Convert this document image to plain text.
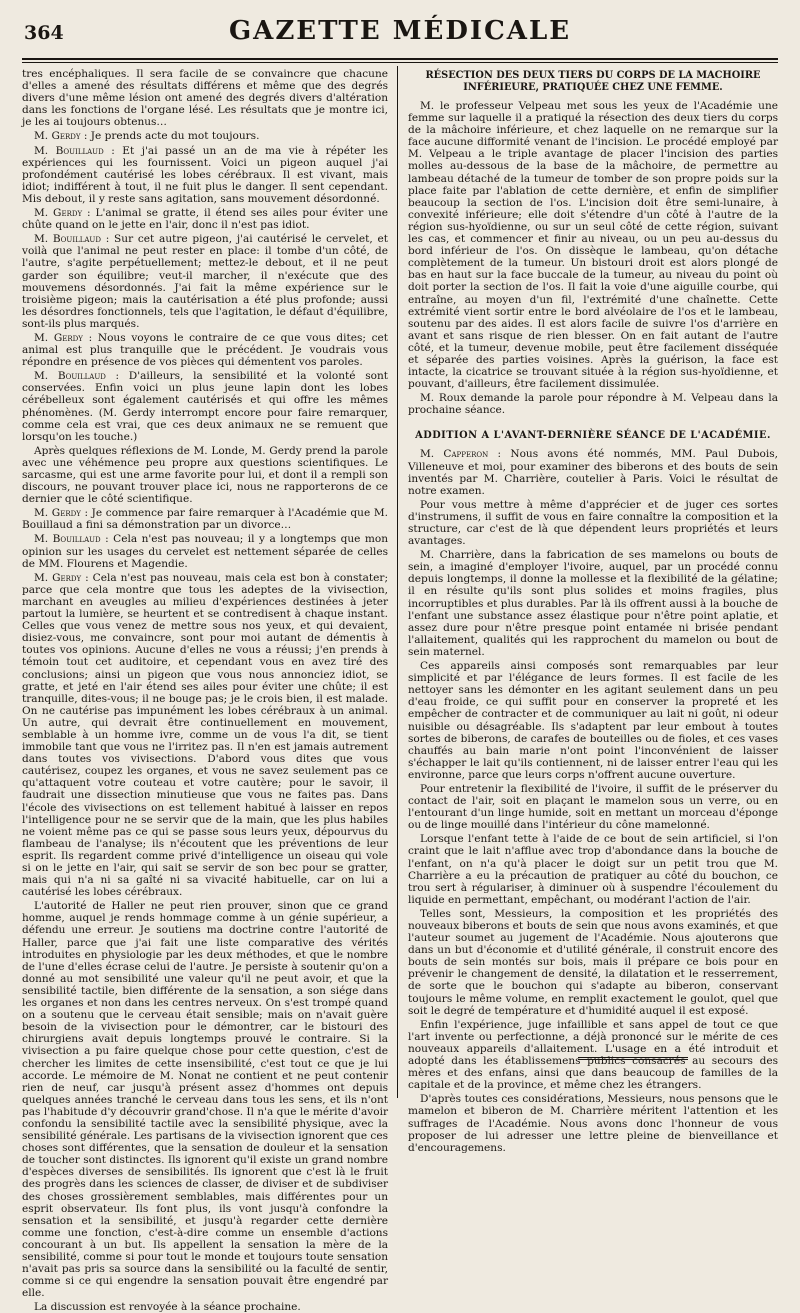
364	GAZETTE MÉDICALE

tres encéphaliques. Il sera facile de se convaincre que chacune d'elles a amené des résultats différens et même que des degrés divers d'une même lésion ont amené des degrés divers d'altération dans les fonctions de l'organe lésé. Les résultats que je montre ici, je les ai toujours obtenus…

M. Gerdy : Je prends acte du mot toujours.

M. Bouillaud : Et j'ai passé un an de ma vie à répéter les expériences qui les fournissent. Voici un pigeon auquel j'ai profondément cautérisé les lobes cérébraux. Il est vivant, mais idiot; indifférent à tout, il ne fuit plus le danger. Il sent cependant. Mis debout, il y reste sans agitation, sans mouvement désordonné.

M. Gerdy : L'animal se gratte, il étend ses ailes pour éviter une chûte quand on le jette en l'air, donc il n'est pas idiot.

M. Bouillaud : Sur cet autre pigeon, j'ai cautérisé le cervelet, et voilà que l'animal ne peut rester en place: il tombe d'un côté, de l'autre, s'agite perpétuellement; mettez-le debout, et il ne peut garder son équilibre; veut-il marcher, il n'exécute que des mouvemens désordonnés. J'ai fait la même expérience sur le troisième pigeon; mais la cautérisation a été plus profonde; aussi les désordres fonctionnels, tels que l'agitation, le défaut d'équilibre, sont-ils plus marqués.

M. Gerdy : Nous voyons le contraire de ce que vous dites; cet animal est plus tranquille que le précédent. Je voudrais vous répondre en présence de vos pièces qui démentent vos paroles.

M. Bouillaud : D'ailleurs, la sensibilité et la volonté sont conservées. Enfin voici un plus jeune lapin dont les lobes cérébelleux sont également cautérisés et qui offre les mêmes phénomènes. (M. Gerdy interrompt encore pour faire remarquer, comme cela est vrai, que ces deux animaux ne se remuent que lorsqu'on les touche.)

Après quelques réflexions de M. Londe, M. Gerdy prend la parole avec une véhémence peu propre aux questions scientifiques. Le sarcasme, qui est une arme favorite pour lui, et dont il a rempli son discours, ne pouvant trouver place ici, nous ne rapporterons de ce dernier que le côté scientifique.

M. Gerdy : Je commence par faire remarquer à l'Académie que M. Bouillaud a fini sa démonstration par un divorce…

M. Bouillaud : Cela n'est pas nouveau; il y a longtemps que mon opinion sur les usages du cervelet est nettement séparée de celles de MM. Flourens et Magendie.

M. Gerdy : Cela n'est pas nouveau, mais cela est bon à constater; parce que cela montre que tous les adeptes de la vivisection, marchant en aveugles au milieu d'expériences destinées à jeter partout la lumière, se heurtent et se contredisent à chaque instant. Celles que vous venez de mettre sous nos yeux, et qui devaient, disiez-vous, me convaincre, sont pour moi autant de démentis à toutes vos opinions. Aucune d'elles ne vous a réussi; j'en prends à témoin tout cet auditoire, et cependant vous en avez tiré des conclusions; ainsi un pigeon que vous nous annonciez idiot, se gratte, et jeté en l'air étend ses ailes pour éviter une chûte; il est tranquille, dites-vous; il ne bouge pas; je le crois bien, il est malade. On ne cautérise pas impunément les lobes cérébraux à un animal. Un autre, qui devrait être continuellement en mouvement, semblable à un homme ivre, comme un de vous l'a dit, se tient immobile tant que vous ne l'irritez pas. Il n'en est jamais autrement dans toutes vos vivisections. D'abord vous dites que vous cautérisez, coupez les organes, et vous ne savez seulement pas ce qu'attaquent votre couteau et votre cautère; pour le savoir, il faudrait une dissection minutieuse que vous ne faites pas. Dans l'école des vivisections on est tellement habitué à laisser en repos l'intelligence pour ne se servir que de la main, que les plus habiles ne voient même pas ce qui se passe sous leurs yeux, dépourvus du flambeau de l'analyse; ils n'écoutent que les préventions de leur esprit. Ils regardent comme privé d'intelligence un oiseau qui vole si on le jette en l'air, qui sait se servir de son bec pour se gratter, mais qui n'a ni sa gaîté ni sa vivacité habituelle, car on lui a cautérisé les lobes cérébraux.

L'autorité de Haller ne peut rien prouver, sinon que ce grand homme, auquel je rends hommage comme à un génie supérieur, a défendu une erreur. Je soutiens ma doctrine contre l'autorité de Haller, parce que j'ai fait une liste comparative des vérités introduites en physiologie par les deux méthodes, et que le nombre de l'une d'elles écrase celui de l'autre. Je persiste à soutenir qu'on a donné au mot sensibilité une valeur qu'il ne peut avoir, et que la sensibilité tactile, bien différente de la sensation, a son siége dans les organes et non dans les centres nerveux. On s'est trompé quand on a soutenu que le cerveau était sensible; mais on n'avait guère besoin de la vivisection pour le démontrer, car le bistouri des chirurgiens avait depuis longtemps prouvé le contraire. Si la vivisection a pu faire quelque chose pour cette question, c'est de chercher les limites de cette insensibilité, c'est tout ce que je lui accorde. Le mémoire de M. Nonat ne contient et ne peut contenir rien de neuf, car jusqu'à présent assez d'hommes ont depuis quelques années tranché le cerveau dans tous les sens, et ils n'ont pas l'habitude d'y découvrir grand'chose. Il n'a que le mérite d'avoir confondu la sensibilité tactile avec la sensibilité physique, avec la sensibilité générale. Les partisans de la vivisection ignorent que ces choses sont différentes, que la sensation de douleur et la sensation de toucher sont distinctes. Ils ignorent qu'il existe un grand nombre d'espèces diverses de sensibilités. Ils ignorent que c'est là le fruit des progrès dans les sciences de classer, de diviser et de subdiviser des choses grossièrement semblables, mais différentes pour un esprit observateur. Ils font plus, ils vont jusqu'à confondre la sensation et la sensibilité, et jusqu'à regarder cette dernière comme une fonction, c'est-à-dire comme un ensemble d'actions concourant à un but. Ils appellent la sensation la mère de la sensibilité, comme si pour tout le monde et toujours toute sensation n'avait pas pris sa source dans la sensibilité ou la faculté de sentir, comme si ce qui engendre la sensation pouvait être engendré par elle.

La discussion est renvoyée à la séance prochaine.

RÉSECTION DES DEUX TIERS DU CORPS DE LA MACHOIRE INFÉRIEURE, PRATIQUÉE CHEZ UNE FEMME.

M. le professeur Velpeau met sous les yeux de l'Académie une femme sur laquelle il a pratiqué la résection des deux tiers du corps de la mâchoire inférieure, et chez laquelle on ne remarque sur la face aucune difformité venant de l'incision. Le procédé employé par M. Velpeau a le triple avantage de placer l'incision des parties molles au-dessous de la base de la mâchoire, de permettre au lambeau détaché de la tumeur de tomber de son propre poids sur la place faite par l'ablation de cette dernière, et enfin de simplifier beaucoup la section de l'os. L'incision doit être semi-lunaire, à convexité inférieure; elle doit s'étendre d'un côté à l'autre de la région sus-hyoïdienne, ou sur un seul côté de cette région, suivant les cas, et commencer et finir au niveau, ou un peu au-dessus du bord inférieur de l'os. On dissèque le lambeau, qu'on détache complètement de la tumeur. Un bistouri droit est alors plongé de bas en haut sur la face buccale de la tumeur, au niveau du point où doit porter la section de l'os. Il fait la voie d'une aiguille courbe, qui entraîne, au moyen d'un fil, l'extrémité d'une chaînette. Cette extrémité vient sortir entre le bord alvéolaire de l'os et le lambeau, soutenu par des aides. Il est alors facile de suivre l'os d'arrière en avant et sans risque de rien blesser. On en fait autant de l'autre côté, et la tumeur, devenue mobile, peut être facilement disséquée et séparée des parties voisines. Après la guérison, la face est intacte, la cicatrice se trouvant située à la région sus-hyoïdienne, et pouvant, d'ailleurs, être facilement dissimulée.

M. Roux demande la parole pour répondre à M. Velpeau dans la prochaine séance.

ADDITION A L'AVANT-DERNIÈRE SÉANCE DE L'ACADÉMIE.

M. Capperon : Nous avons été nommés, MM. Paul Dubois, Villeneuve et moi, pour examiner des biberons et des bouts de sein inventés par M. Charrière, coutelier à Paris. Voici le résultat de notre examen.

Pour vous mettre à même d'apprécier et de juger ces sortes d'instrumens, il suffit de vous en faire connaître la composition et la structure, car c'est de là que dépendent leurs propriétés et leurs avantages.

M. Charrière, dans la fabrication de ses mamelons ou bouts de sein, a imaginé d'employer l'ivoire, auquel, par un procédé connu depuis longtemps, il donne la mollesse et la flexibilité de la gélatine; il en résulte qu'ils sont plus solides et moins fragiles, plus incorruptibles et plus durables. Par là ils offrent aussi à la bouche de l'enfant une substance assez élastique pour n'être point aplatie, et assez dure pour n'être presque point entamée ni brisée pendant l'allaitement, qualités qui les rapprochent du mamelon ou bout de sein maternel.

Ces appareils ainsi composés sont remarquables par leur simplicité et par l'élégance de leurs formes. Il est facile de les nettoyer sans les démonter en les agitant seulement dans un peu d'eau froide, ce qui suffit pour en conserver la propreté et les empêcher de contracter et de communiquer au lait ni goût, ni odeur nuisible ou désagréable. Ils s'adaptent par leur embout à toutes sortes de biberons, de carafes de bouteilles ou de fioles, et ces vases chauffés au bain marie n'ont point l'inconvénient de laisser s'échapper le lait qu'ils contiennent, ni de laisser entrer l'eau qui les environne, parce que leurs corps n'offrent aucune ouverture.

Pour entretenir la flexibilité de l'ivoire, il suffit de le préserver du contact de l'air, soit en plaçant le mamelon sous un verre, ou en l'entourant d'un linge humide, soit en mettant un morceau d'éponge ou de linge mouillé dans l'intérieur du cône mamelonné.

Lorsque l'enfant tette à l'aide de ce bout de sein artificiel, si l'on craint que le lait n'afflue avec trop d'abondance dans la bouche de l'enfant, on n'a qu'à placer le doigt sur un petit trou que M. Charrière a eu la précaution de pratiquer au côté du bouchon, ce trou sert à régulariser, à diminuer où à suspendre l'écoulement du liquide en permettant, empêchant, ou modérant l'action de l'air.

Telles sont, Messieurs, la composition et les propriétés des nouveaux biberons et bouts de sein que nous avons examinés, et que l'auteur soumet au jugement de l'Académie. Nous ajouterons que dans un but d'économie et d'utilité générale, il construit encore des bouts de sein montés sur bois, mais il prépare ce bois pour en prévenir le changement de densité, la dilatation et le resserrement, de sorte que le bouchon qui s'adapte au biberon, conservant toujours le même volume, en remplit exactement le goulot, quel que soit le degré de température et d'humidité auquel il est exposé.

Enfin l'expérience, juge infaillible et sans appel de tout ce que l'art invente ou perfectionne, a déjà prononcé sur le mérite de ces nouveaux appareils d'allaitement. L'usage en a été introduit et adopté dans les établissemens publics consacrés au secours des mères et des enfans, ainsi que dans beaucoup de familles de la capitale et de la province, et même chez les étrangers.

D'après toutes ces considérations, Messieurs, nous pensons que le mamelon et biberon de M. Charrière méritent l'attention et les suffrages de l'Académie. Nous avons donc l'honneur de vous proposer de lui adresser une lettre pleine de bienveillance et d'encouragemens.
